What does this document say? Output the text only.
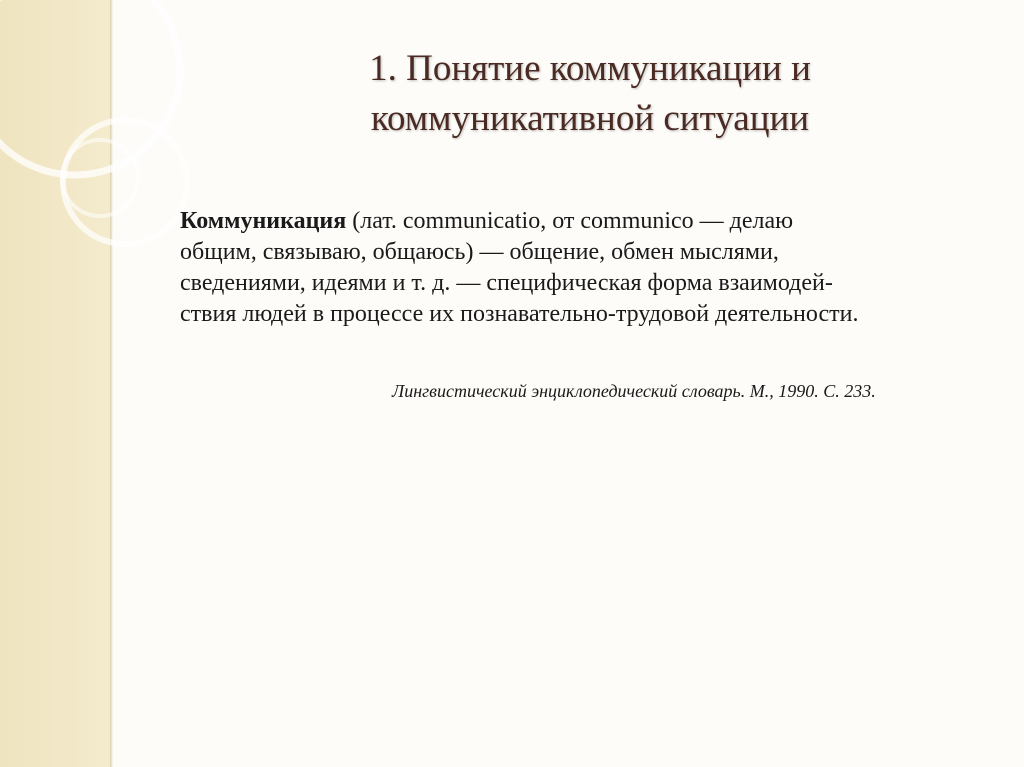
1. Понятие коммуникации и
коммуникативной ситуации

Коммуникация (лат. communicatio, от communico — делаю
общим, связываю, общаюсь) — общение, обмен мыслями,
сведениями, идеями и т. д. — специфическая форма взаимодей-
ствия людей в процессе их познавательно-трудовой деятельности.

Лингвистический энциклопедический словарь. М., 1990. С. 233.
